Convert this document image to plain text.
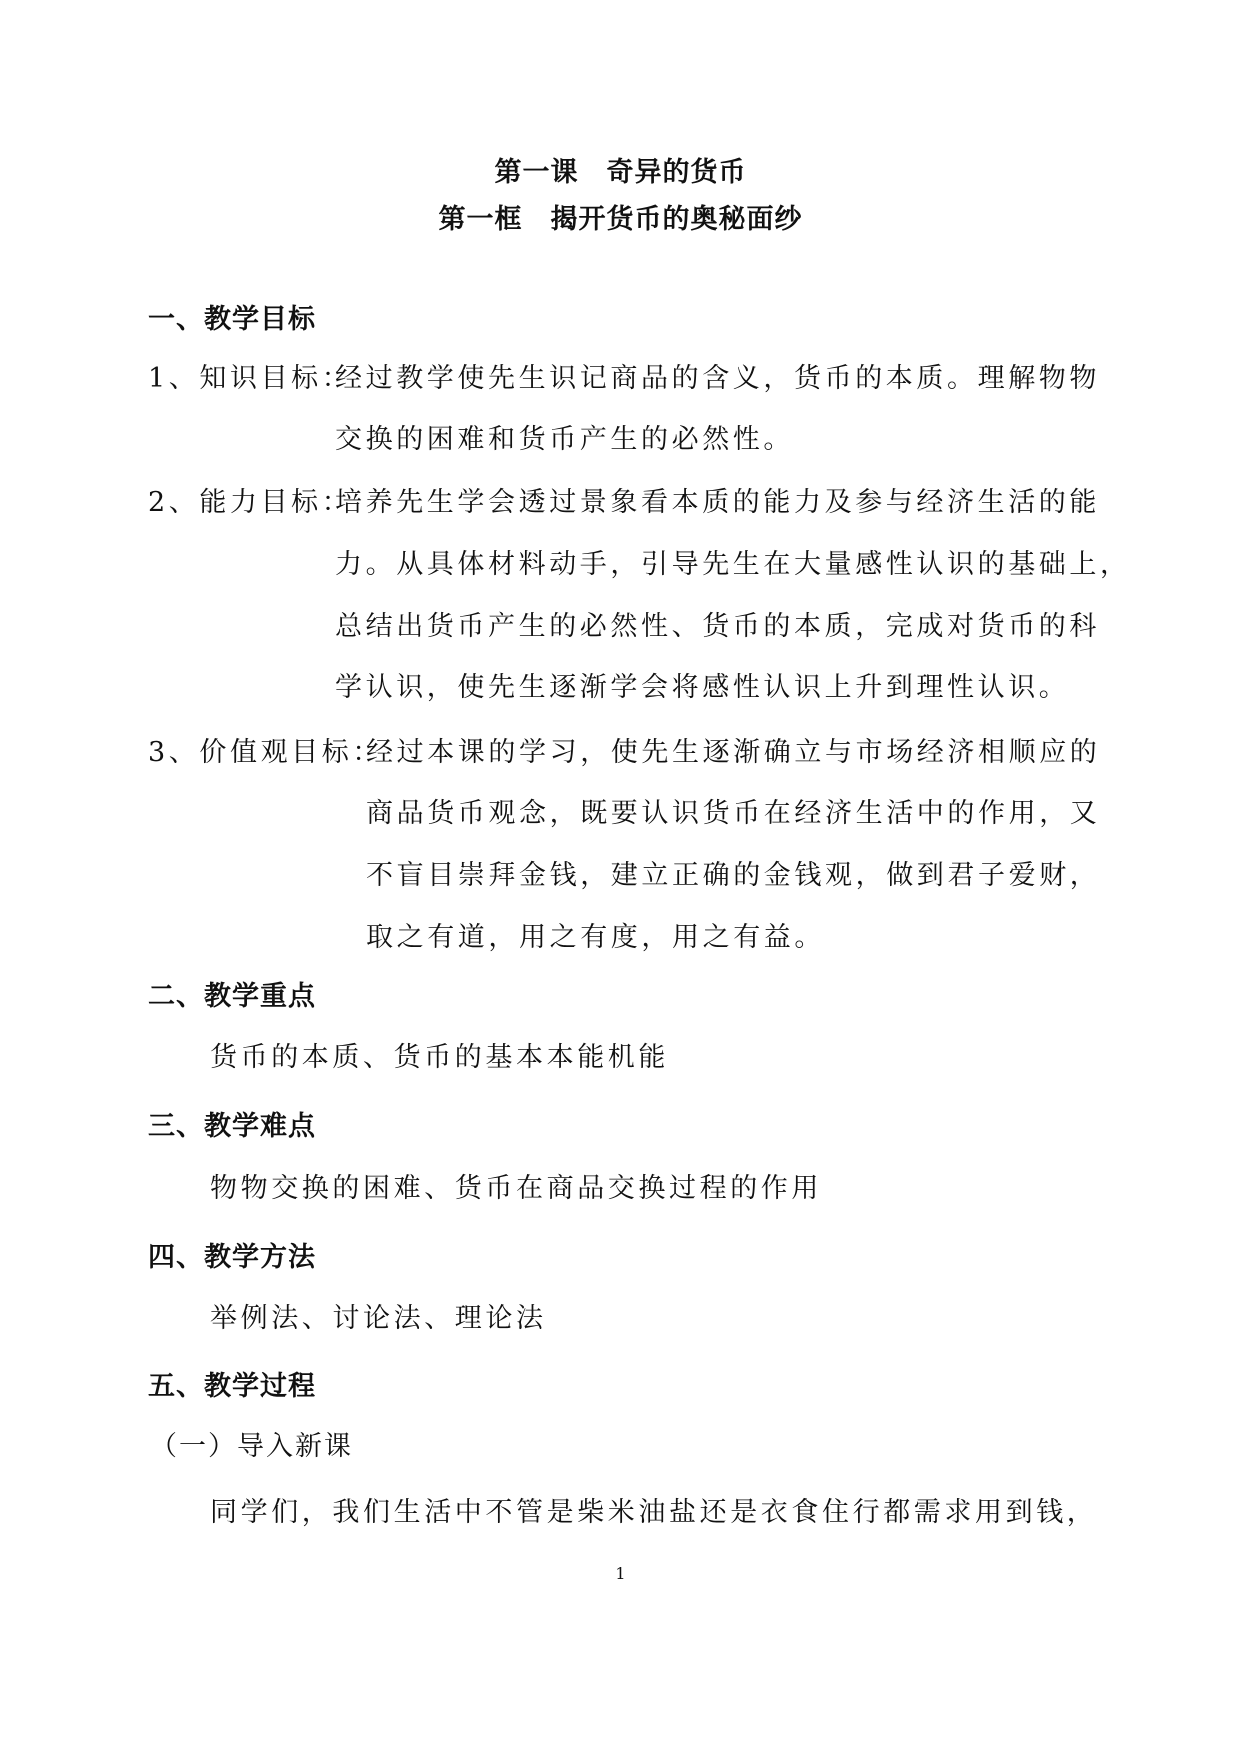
第一课　奇异的货币
第一框　揭开货币的奥秘面纱
一、教学目标
1、知识目标：
经过教学使先生识记商品的含义，货币的本质。理解物物
交换的困难和货币产生的必然性。
2、能力目标：
培养先生学会透过景象看本质的能力及参与经济生活的能
力。从具体材料动手，引导先生在大量感性认识的基础上，
总结出货币产生的必然性、货币的本质，完成对货币的科
学认识，使先生逐渐学会将感性认识上升到理性认识。
3、价值观目标：
经过本课的学习，使先生逐渐确立与市场经济相顺应的
商品货币观念，既要认识货币在经济生活中的作用，又
不盲目崇拜金钱，建立正确的金钱观，做到君子爱财，
取之有道，用之有度，用之有益。
二、教学重点
货币的本质、货币的基本本能机能
三、教学难点
物物交换的困难、货币在商品交换过程的作用
四、教学方法
举例法、讨论法、理论法
五、教学过程
（一）导入新课
同学们，我们生活中不管是柴米油盐还是衣食住行都需求用到钱，
1
